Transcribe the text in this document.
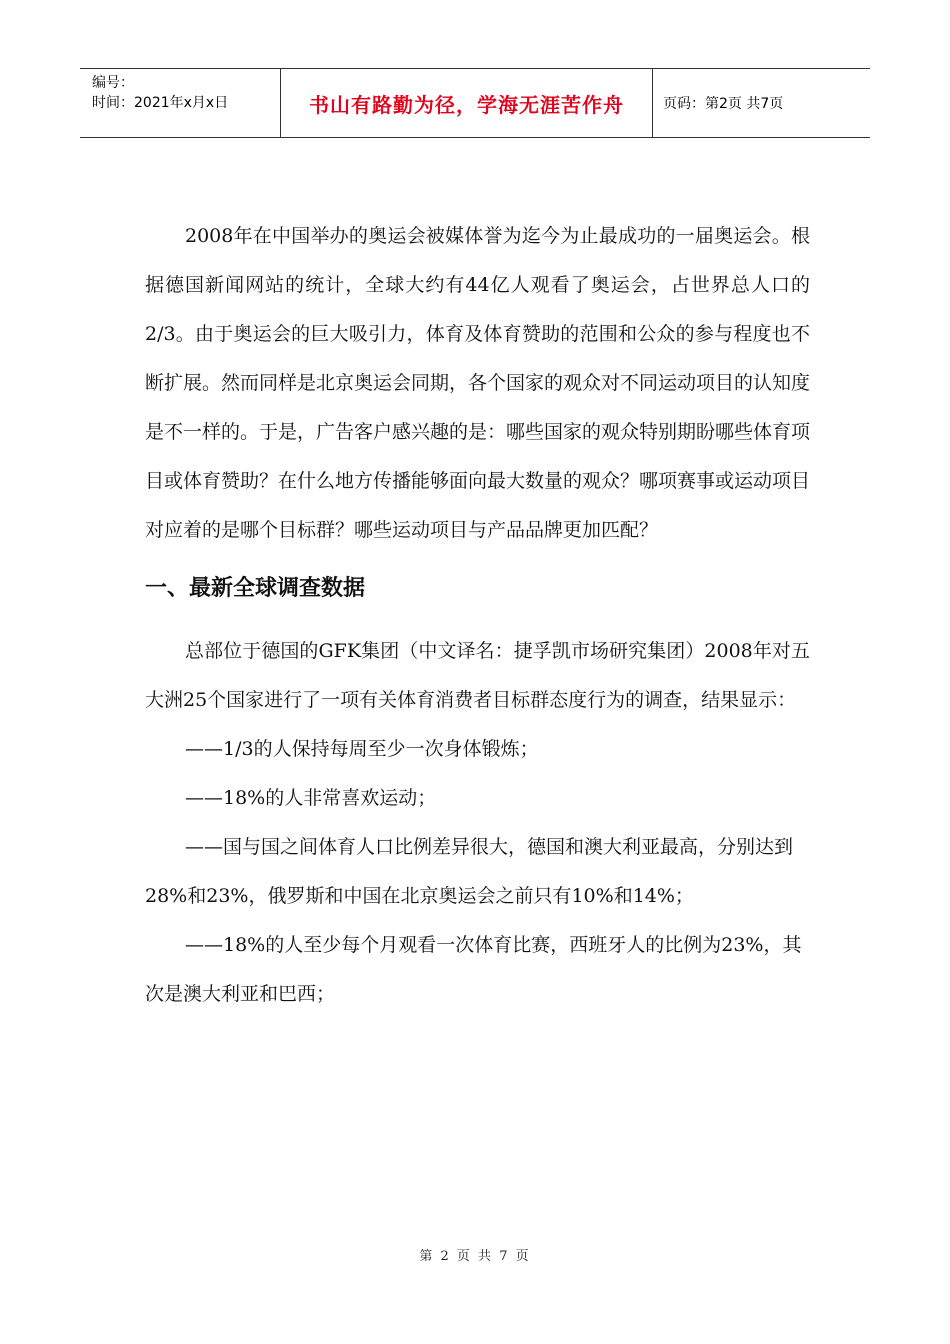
编号：
时间：2021年x月x日	书山有路勤为径，学海无涯苦作舟	页码：第2页 共7页

2008年在中国举办的奥运会被媒体誉为迄今为止最成功的一届奥运会。根据德国新闻网站的统计，全球大约有44亿人观看了奥运会，占世界总人口的2/3。由于奥运会的巨大吸引力，体育及体育赞助的范围和公众的参与程度也不断扩展。然而同样是北京奥运会同期，各个国家的观众对不同运动项目的认知度是不一样的。于是，广告客户感兴趣的是：哪些国家的观众特别期盼哪些体育项目或体育赞助？在什么地方传播能够面向最大数量的观众？哪项赛事或运动项目对应着的是哪个目标群？哪些运动项目与产品品牌更加匹配？

一、最新全球调查数据

总部位于德国的GFK集团（中文译名：捷孚凯市场研究集团）2008年对五大洲25个国家进行了一项有关体育消费者目标群态度行为的调查，结果显示：

——1/3的人保持每周至少一次身体锻炼；

——18%的人非常喜欢运动；

——国与国之间体育人口比例差异很大，德国和澳大利亚最高，分别达到28%和23%，俄罗斯和中国在北京奥运会之前只有10%和14%；

——18%的人至少每个月观看一次体育比赛，西班牙人的比例为23%，其次是澳大利亚和巴西；

第 2 页 共 7 页
